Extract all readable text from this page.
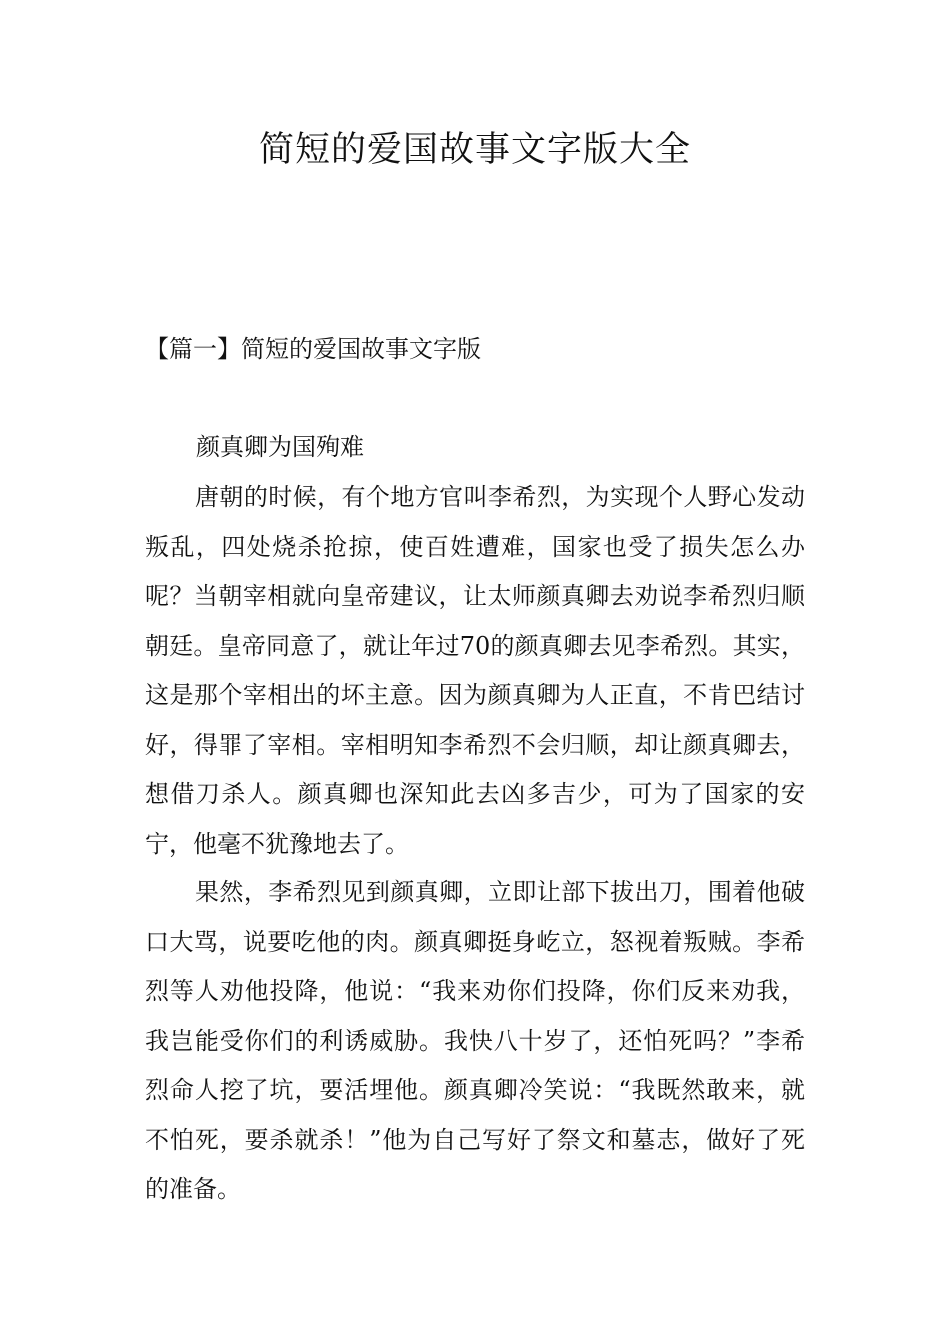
简短的爱国故事文字版大全
【篇一】简短的爱国故事文字版
颜真卿为国殉难

唐朝的时候，有个地方官叫李希烈，为实现个人野心发动叛乱，四处烧杀抢掠，使百姓遭难，国家也受了损失怎么办呢？当朝宰相就向皇帝建议，让太师颜真卿去劝说李希烈归顺朝廷。皇帝同意了，就让年过70的颜真卿去见李希烈。其实，这是那个宰相出的坏主意。因为颜真卿为人正直，不肯巴结讨好，得罪了宰相。宰相明知李希烈不会归顺，却让颜真卿去，想借刀杀人。颜真卿也深知此去凶多吉少，可为了国家的安宁，他毫不犹豫地去了。

果然，李希烈见到颜真卿，立即让部下拔出刀，围着他破口大骂，说要吃他的肉。颜真卿挺身屹立，怒视着叛贼。李希烈等人劝他投降，他说：“我来劝你们投降，你们反来劝我，我岂能受你们的利诱威胁。我快八十岁了，还怕死吗？”李希烈命人挖了坑，要活埋他。颜真卿冷笑说：“我既然敢来，就不怕死，要杀就杀！”他为自己写好了祭文和墓志，做好了死的准备。
